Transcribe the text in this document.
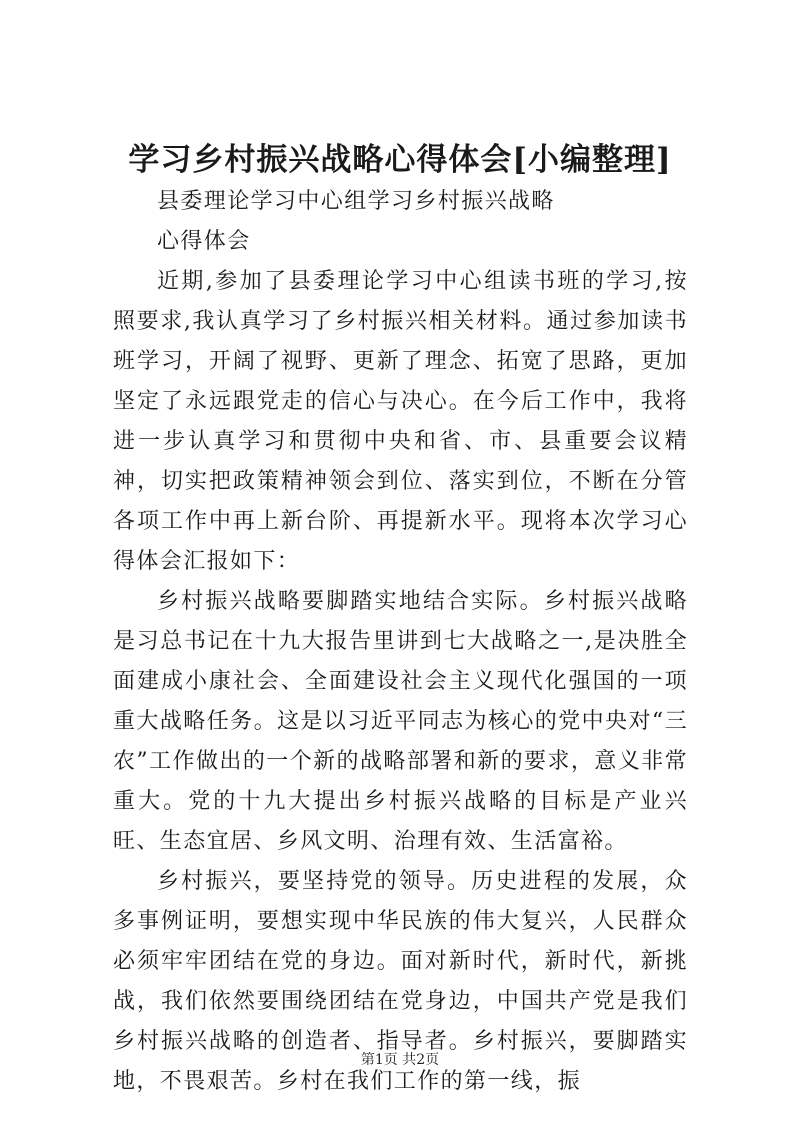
学习乡村振兴战略心得体会[小编整理]

县委理论学习中心组学习乡村振兴战略

心得体会

近期,参加了县委理论学习中心组读书班的学习,按照要求,我认真学习了乡村振兴相关材料。通过参加读书班学习，开阔了视野、更新了理念、拓宽了思路，更加坚定了永远跟党走的信心与决心。在今后工作中，我将进一步认真学习和贯彻中央和省、市、县重要会议精神，切实把政策精神领会到位、落实到位，不断在分管各项工作中再上新台阶、再提新水平。现将本次学习心得体会汇报如下：

乡村振兴战略要脚踏实地结合实际。乡村振兴战略是习总书记在十九大报告里讲到七大战略之一,是决胜全面建成小康社会、全面建设社会主义现代化强国的一项重大战略任务。这是以习近平同志为核心的党中央对“三农”工作做出的一个新的战略部署和新的要求，意义非常重大。党的十九大提出乡村振兴战略的目标是产业兴旺、生态宜居、乡风文明、治理有效、生活富裕。

乡村振兴，要坚持党的领导。历史进程的发展，众多事例证明，要想实现中华民族的伟大复兴，人民群众必须牢牢团结在党的身边。面对新时代，新时代，新挑战，我们依然要围绕团结在党身边，中国共产党是我们乡村振兴战略的创造者、指导者。乡村振兴，要脚踏实地，不畏艰苦。乡村在我们工作的第一线，振

第1页 共2页
